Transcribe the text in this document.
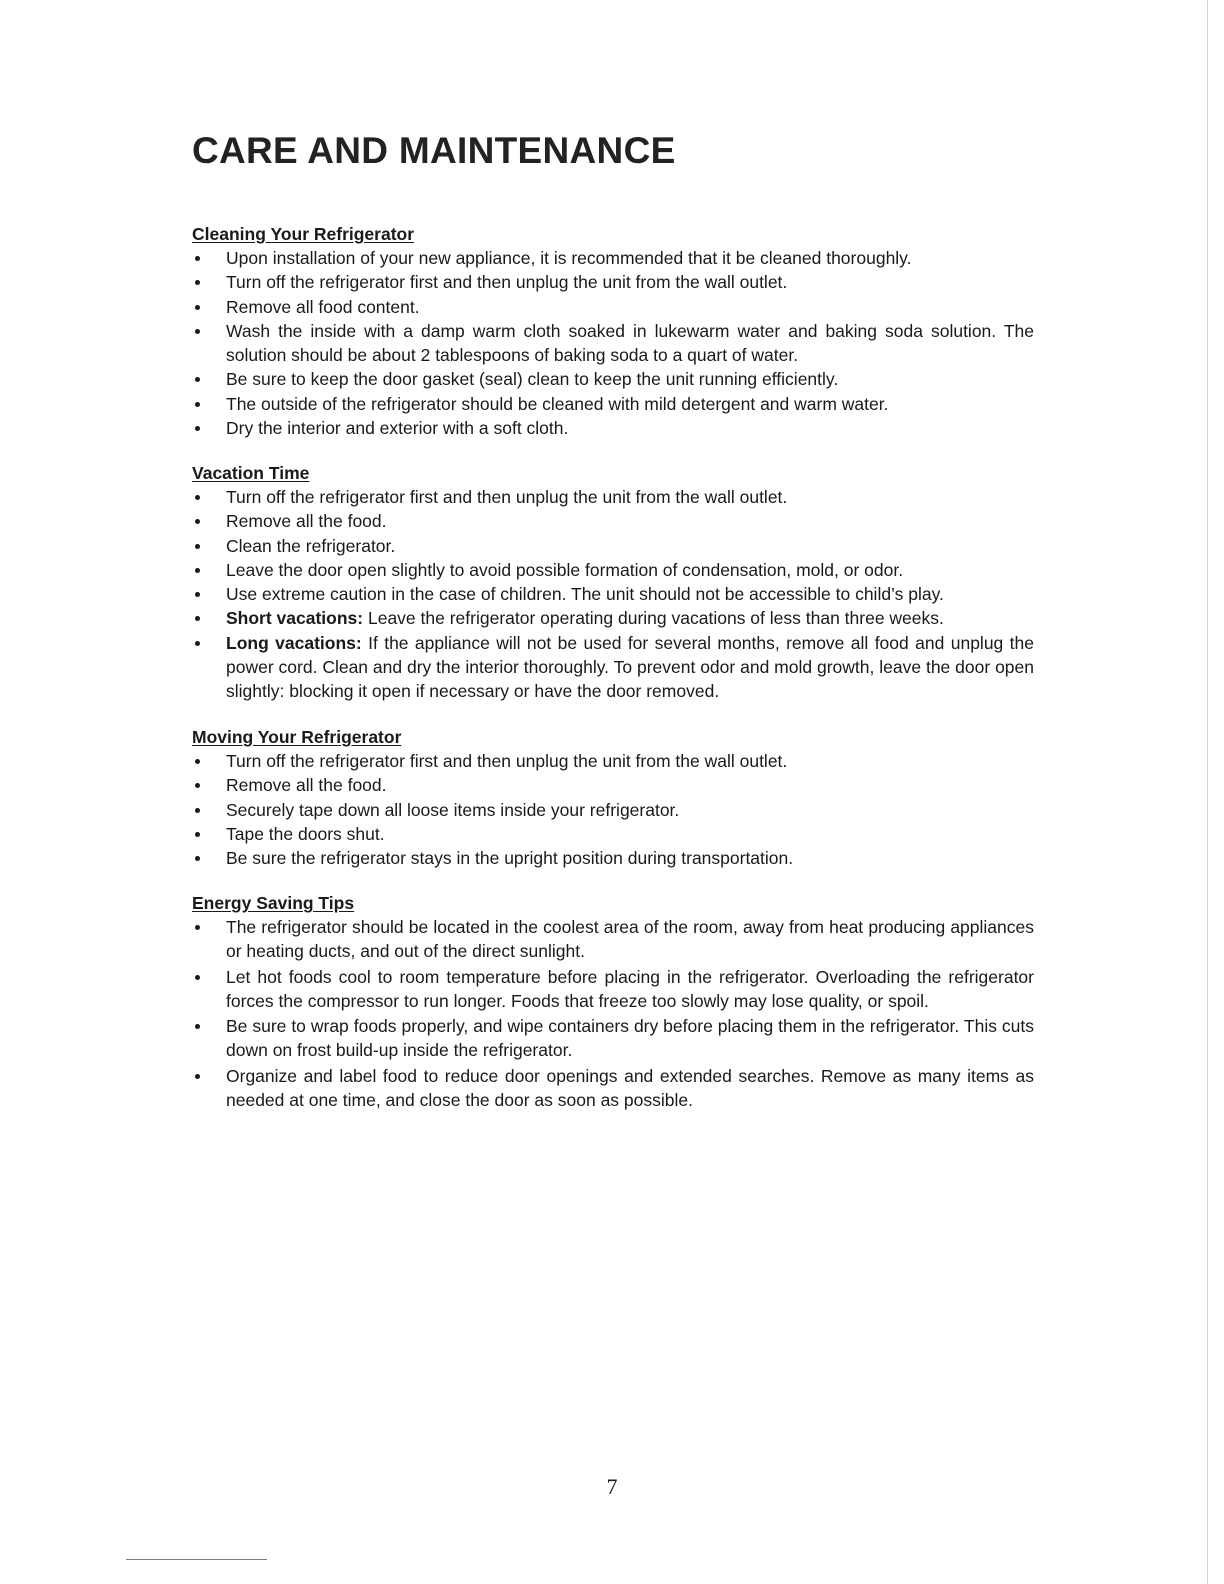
CARE AND MAINTENANCE
Cleaning Your Refrigerator
Upon installation of your new appliance, it is recommended that it be cleaned thoroughly.
Turn off the refrigerator first and then unplug the unit from the wall outlet.
Remove all food content.
Wash the inside with a damp warm cloth soaked in lukewarm water and baking soda solution. The solution should be about 2 tablespoons of baking soda to a quart of water.
Be sure to keep the door gasket (seal) clean to keep the unit running efficiently.
The outside of the refrigerator should be cleaned with mild detergent and warm water.
Dry the interior and exterior with a soft cloth.
Vacation Time
Turn off the refrigerator first and then unplug the unit from the wall outlet.
Remove all the food.
Clean the refrigerator.
Leave the door open slightly to avoid possible formation of condensation, mold, or odor.
Use extreme caution in the case of children. The unit should not be accessible to child’s play.
Short vacations: Leave the refrigerator operating during vacations of less than three weeks.
Long vacations: If the appliance will not be used for several months, remove all food and unplug the power cord. Clean and dry the interior thoroughly. To prevent odor and mold growth, leave the door open slightly: blocking it open if necessary or have the door removed.
Moving Your Refrigerator
Turn off the refrigerator first and then unplug the unit from the wall outlet.
Remove all the food.
Securely tape down all loose items inside your refrigerator.
Tape the doors shut.
Be sure the refrigerator stays in the upright position during transportation.
Energy Saving Tips
The refrigerator should be located in the coolest area of the room, away from heat producing appliances or heating ducts, and out of the direct sunlight.
Let hot foods cool to room temperature before placing in the refrigerator. Overloading the refrigerator forces the compressor to run longer. Foods that freeze too slowly may lose quality, or spoil.
Be sure to wrap foods properly, and wipe containers dry before placing them in the refrigerator. This cuts down on frost build-up inside the refrigerator.
Organize and label food to reduce door openings and extended searches. Remove as many items as needed at one time, and close the door as soon as possible.
7
